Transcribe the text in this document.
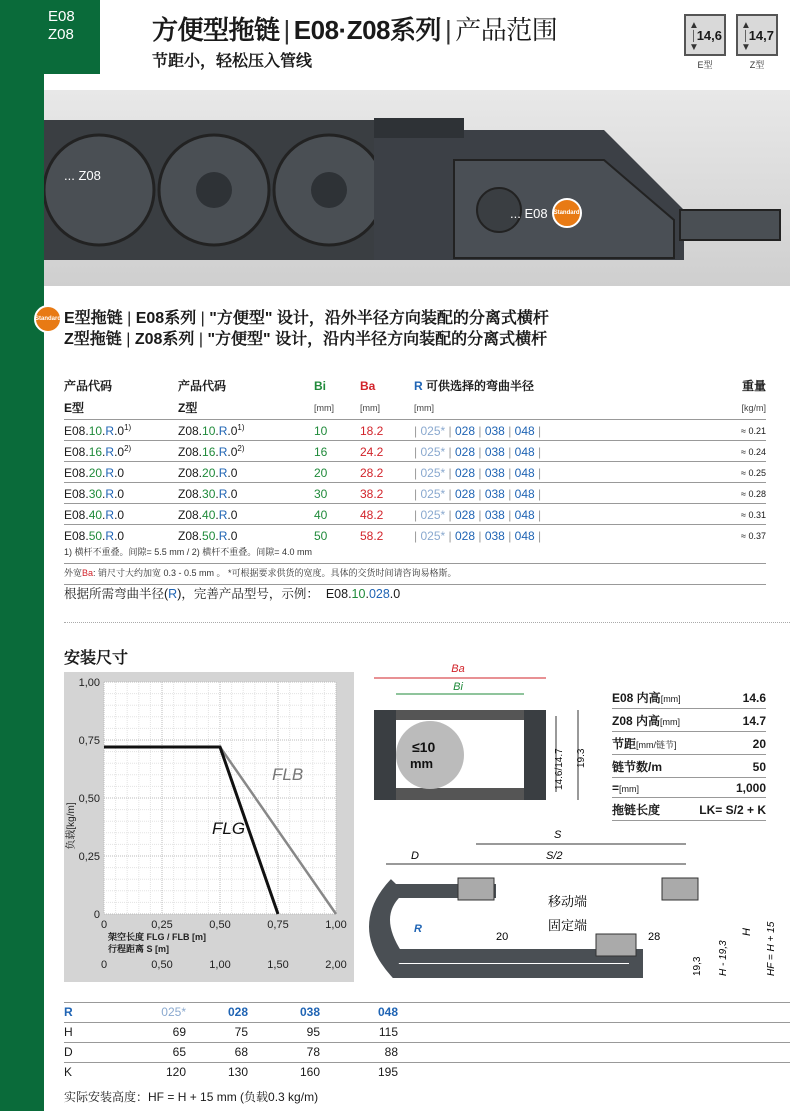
E08
Z08	方便型拖链 | E08·Z08系列 | 产品范围
节距小，轻松压入管线
▲
│
▼
14,6
E型
▲
│
▼
14,7
Z型
... Z08
... E08	Standard
Standard E型拖链 | E08系列 | "方便型" 设计，沿外半径方向装配的分离式横杆
Z型拖链 | Z08系列 | "方便型" 设计，沿内半径方向装配的分离式横杆
产品代码	产品代码	Bi	Ba	R 可供选择的弯曲半径	重量
E型	Z型	[mm]	[mm]	[mm]	[kg/m]
E08.10.R.0$^{1)}$	Z08.10.R.0$^{1)}$	10	18.2	| 025* | 028 | 038 | 048 |	≈ 0.21
E08.16.R.0$^{2)}$	Z08.16.R.0$^{2)}$	16	24.2	| 025* | 028 | 038 | 048 |	≈ 0.24
E08.20.R.0	Z08.20.R.0	20	28.2	| 025* | 028 | 038 | 048 |	≈ 0.25
E08.30.R.0	Z08.30.R.0	30	38.2	| 025* | 028 | 038 | 048 |	≈ 0.28
E08.40.R.0	Z08.40.R.0	40	48.2	| 025* | 028 | 038 | 048 |	≈ 0.31
E08.50.R.0	Z08.50.R.0	50	58.2	| 025* | 028 | 038 | 048 |	≈ 0.37
1) 横杆不重叠。间隙= 5.5 mm / 2) 横杆不重叠。间隙= 4.0 mm
外宽Ba: 销尺寸大约加宽 0.3 - 0.5 mm 。 *可根据要求供货的宽度。具体的交货时间请咨询易格斯。
根据所需弯曲半径(R)，完善产品型号，示例： E08.10.028.0
安装尺寸
1,00
0,75
0,50
0,25
0
0	0,25	0,50	0,75	1,00
0	0,50	1,00	1,50	2,00
负载[kg/m]
架空长度 FLG / FLB [m]
行程距离 S [m]
FLB
FLG
Ba
Bi
≤10
mm	14.6/14.7 19.3
E08 内高[mm]	14.6
Z08 内高[mm]	14.7
节距[mm/链节]	20
链节数/m	50
=[mm]	1,000
拖链长度	LK= S/2 + K
S
S/2
D
移动端
固定端
20	28
R
19,3 H - 19,3
H HF = H + 15
R	025*	028	038	048	
H	69	75	95	115	
D	65	68	78	88	
K	120	130	160	195	
实际安装高度：HF = H + 15 mm (负载0.3 kg/m)
